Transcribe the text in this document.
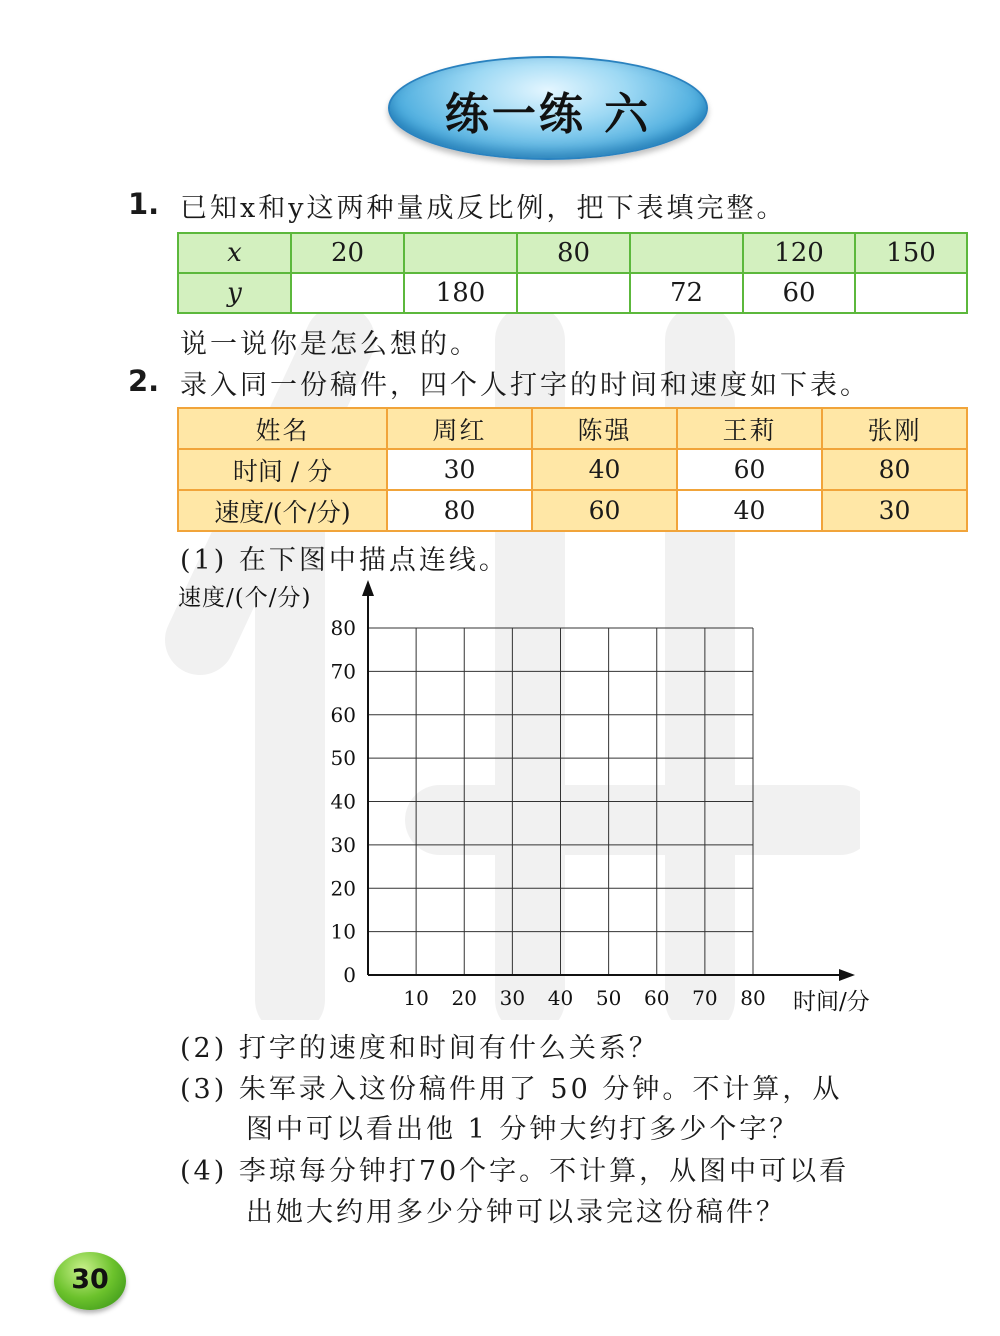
练一练 六
1. 已知x和y这两种量成反比例，把下表填完整。
x	20		80		120	150
y		180		72	60	
说一说你是怎么想的。
2. 录入同一份稿件，四个人打字的时间和速度如下表。
姓名	周红	陈强	王莉	张刚
时间 / 分	30	40	60	80
速度/(个/分)	80	60	40	30
(1) 在下图中描点连线。
0
10
20
30
40
50
60
70
80
10 20 30 40 50 60 70 80
速度/(个/分)
时间/分
(2) 打字的速度和时间有什么关系？
(3) 朱军录入这份稿件用了 50 分钟。不计算，从
图中可以看出他 1 分钟大约打多少个字？
(4) 李琼每分钟打70个字。不计算，从图中可以看
出她大约用多少分钟可以录完这份稿件？
30
